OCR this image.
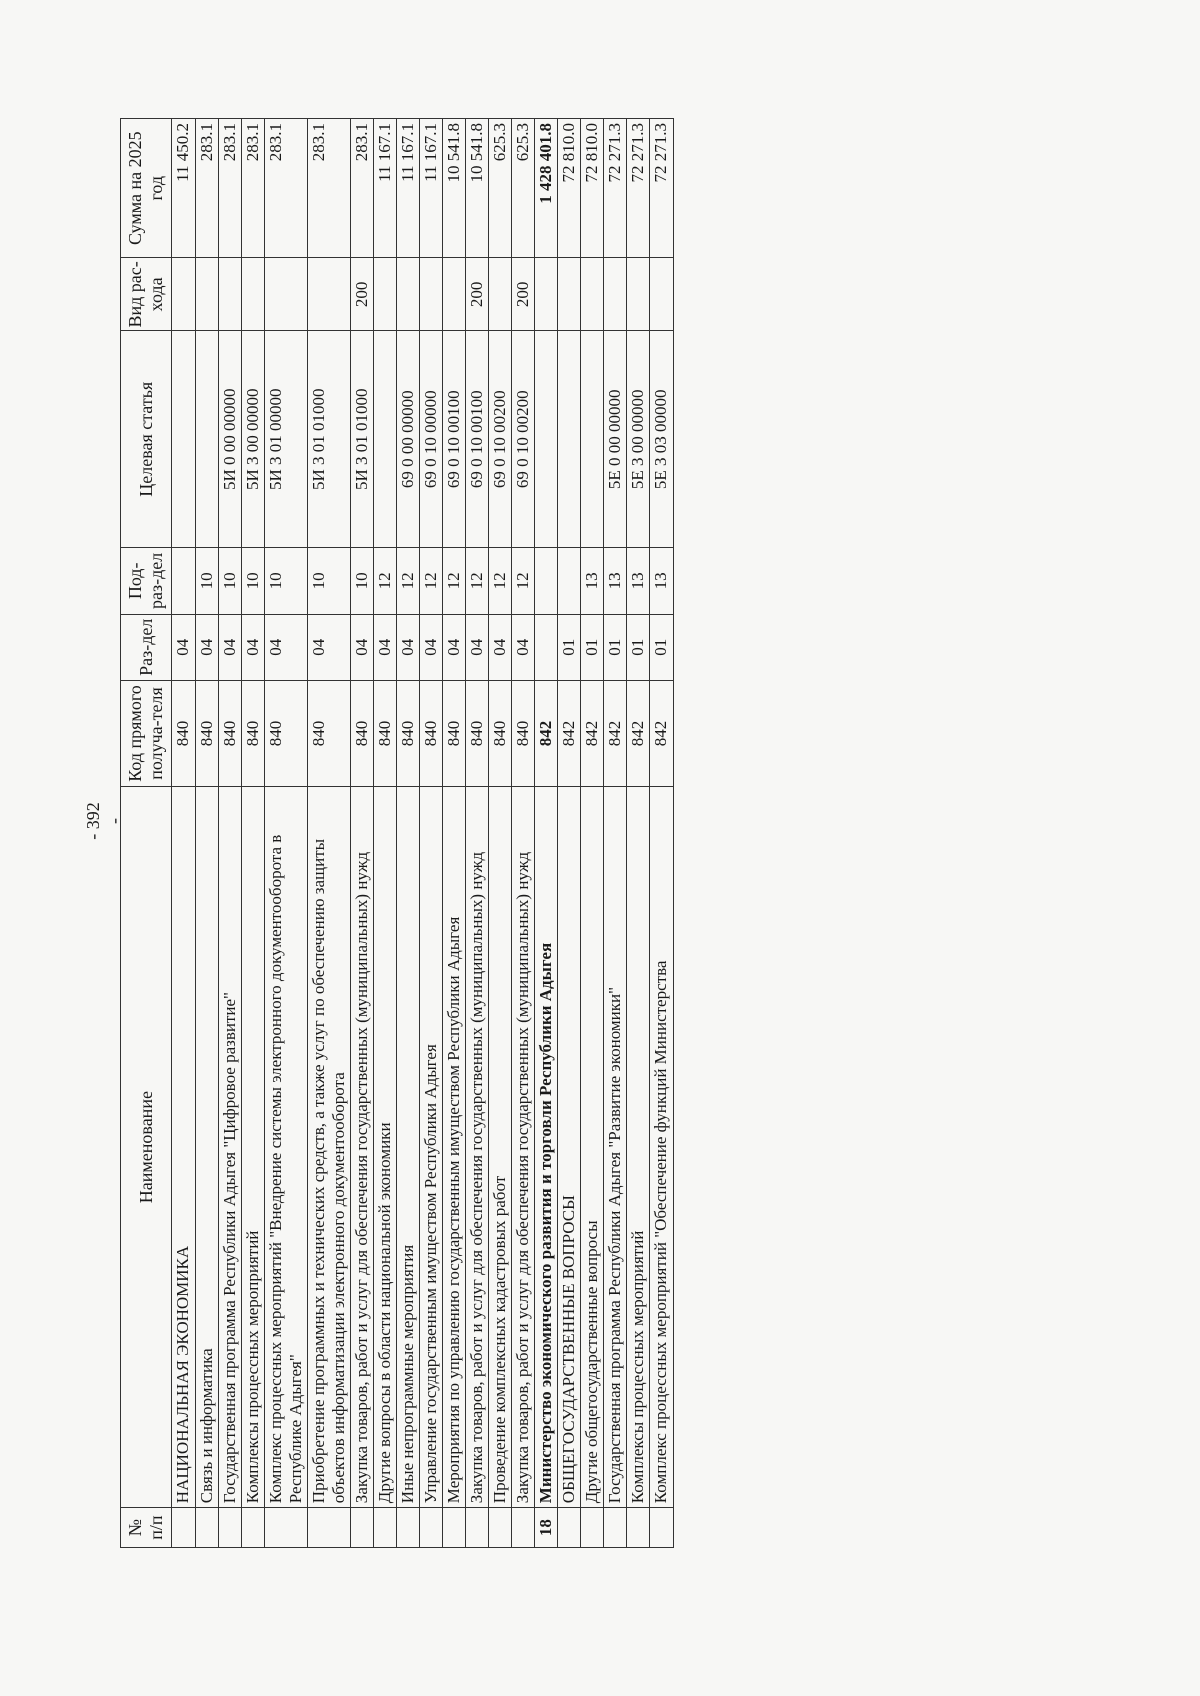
- 392 -
№ п/п	Наименование	Код прямого получа-теля	Раз-дел	Под-раз-дел	Целевая статья	Вид рас-хода	Сумма на 2025 год
	НАЦИОНАЛЬНАЯ ЭКОНОМИКА	840	04				11 450.2
	Связь и информатика	840	04	10			283.1
	Государственная программа Республики Адыгея "Цифровое развитие"	840	04	10	5И 0 00 00000		283.1
	Комплексы процессных мероприятий	840	04	10	5И 3 00 00000		283.1
	Комплекс процессных мероприятий "Внедрение системы электронного документооборота в Республике Адыгея"	840	04	10	5И 3 01 00000		283.1
	Приобретение программных и технических средств, а также услуг по обеспечению защиты объектов информатизации электронного документооборота	840	04	10	5И 3 01 01000		283.1
	Закупка товаров, работ и услуг для обеспечения государственных (муниципальных) нужд	840	04	10	5И 3 01 01000	200	283.1
	Другие вопросы в области национальной экономики	840	04	12			11 167.1
	Иные непрограммные мероприятия	840	04	12	69 0 00 00000		11 167.1
	Управление государственным имуществом Республики Адыгея	840	04	12	69 0 10 00000		11 167.1
	Мероприятия по управлению государственным имуществом Республики Адыгея	840	04	12	69 0 10 00100		10 541.8
	Закупка товаров, работ и услуг для обеспечения государственных (муниципальных) нужд	840	04	12	69 0 10 00100	200	10 541.8
	Проведение комплексных кадастровых работ	840	04	12	69 0 10 00200		625.3
	Закупка товаров, работ и услуг для обеспечения государственных (муниципальных) нужд	840	04	12	69 0 10 00200	200	625.3
18	Министерство экономического развития и торговли Республики Адыгея	842					1 428 401.8
	ОБЩЕГОСУДАРСТВЕННЫЕ ВОПРОСЫ	842	01				72 810.0
	Другие общегосударственные вопросы	842	01	13			72 810.0
	Государственная программа Республики Адыгея "Развитие экономики"	842	01	13	5Е 0 00 00000		72 271.3
	Комплексы процессных мероприятий	842	01	13	5Е 3 00 00000		72 271.3
	Комплекс процессных мероприятий "Обеспечение функций Министерства	842	01	13	5Е 3 03 00000		72 271.3
